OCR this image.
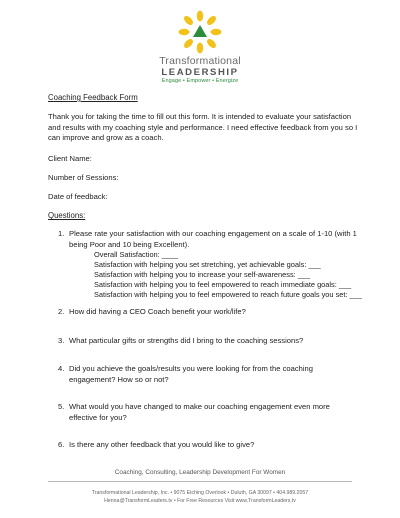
Transformational
LEADERSHIP
Engage • Empower • Energize
Coaching Feedback Form
Thank you for taking the time to fill out this form. It is intended to evaluate your satisfaction and results with my coaching style and performance. I need effective feedback from you so I can improve and grow as a coach.
Client Name:
Number of Sessions:
Date of feedback:
Questions:
1. Please rate your satisfaction with our coaching engagement on a scale of 1-10 (with 1 being Poor and 10 being Excellent).
Overall Satisfaction: ____
Satisfaction with helping you set stretching, yet achievable goals: ___
Satisfaction with helping you to increase your self-awareness: ___
Satisfaction with helping you to feel empowered to reach immediate goals: ___
Satisfaction with helping you to feel empowered to reach future goals you set: ___
2. How did having a CEO Coach benefit your work/life?
3. What particular gifts or strengths did I bring to the coaching sessions?
4. Did you achieve the goals/results you were looking for from the coaching engagement? How so or not?
5. What would you have changed to make our coaching engagement even more effective for you?
6. Is there any other feedback that you would like to give?
Coaching, Consulting, Leadership Development For Women
Transformational Leadership, Inc. • 9075 Etching Overlook • Duluth, GA 30097 • 404.989.2057
Henna@TransformLeaders.tv • For Free Resources Visit www.TransformLeaders.tv
